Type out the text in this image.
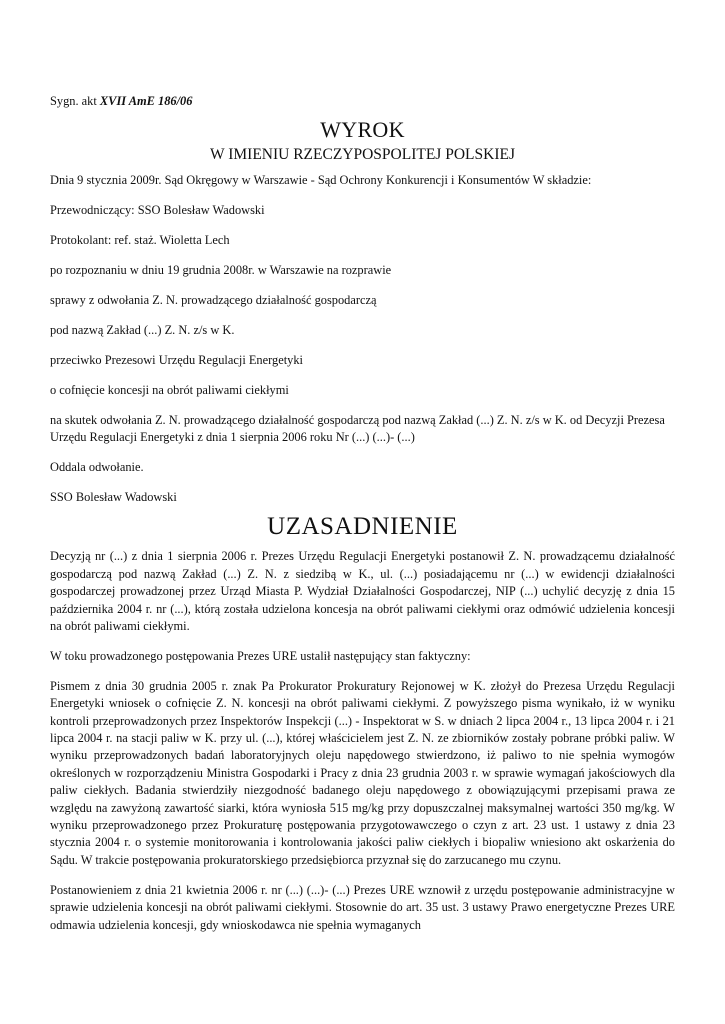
Sygn. akt XVII AmE 186/06

WYROK
W IMIENIU RZECZYPOSPOLITEJ POLSKIEJ

Dnia 9 stycznia 2009r. Sąd Okręgowy w Warszawie - Sąd Ochrony Konkurencji i Konsumentów W składzie:

Przewodniczący: SSO Bolesław Wadowski

Protokolant: ref. staż. Wioletta Lech

po rozpoznaniu w dniu 19 grudnia 2008r. w Warszawie na rozprawie

sprawy z odwołania Z. N. prowadzącego działalność gospodarczą

pod nazwą Zakład (...) Z. N. z/s w K.

przeciwko Prezesowi Urzędu Regulacji Energetyki

o cofnięcie koncesji na obrót paliwami ciekłymi

na skutek odwołania Z. N. prowadzącego działalność gospodarczą pod nazwą Zakład (...) Z. N. z/s w K. od Decyzji Prezesa Urzędu Regulacji Energetyki z dnia 1 sierpnia 2006 roku Nr (...) (...)- (...)

Oddala odwołanie.

SSO Bolesław Wadowski

UZASADNIENIE

Decyzją nr (...) z dnia 1 sierpnia 2006 r. Prezes Urzędu Regulacji Energetyki postanowił Z. N. prowadzącemu działalność gospodarczą pod nazwą Zakład (...) Z. N. z siedzibą w K., ul. (...) posiadającemu nr (...) w ewidencji działalności gospodarczej prowadzonej przez Urząd Miasta P. Wydział Działalności Gospodarczej, NIP (...) uchylić decyzję z dnia 15 października 2004 r. nr (...), którą została udzielona koncesja na obrót paliwami ciekłymi oraz odmówić udzielenia koncesji na obrót paliwami ciekłymi.

W toku prowadzonego postępowania Prezes URE ustalił następujący stan faktyczny:

Pismem z dnia 30 grudnia 2005 r. znak Pa Prokurator Prokuratury Rejonowej w K. złożył do Prezesa Urzędu Regulacji Energetyki wniosek o cofnięcie Z. N. koncesji na obrót paliwami ciekłymi. Z powyższego pisma wynikało, iż w wyniku kontroli przeprowadzonych przez Inspektorów Inspekcji (...) - Inspektorat w S. w dniach 2 lipca 2004 r., 13 lipca 2004 r. i 21 lipca 2004 r. na stacji paliw w K. przy ul. (...), której właścicielem jest Z. N. ze zbiorników zostały pobrane próbki paliw. W wyniku przeprowadzonych badań laboratoryjnych oleju napędowego stwierdzono, iż paliwo to nie spełnia wymogów określonych w rozporządzeniu Ministra Gospodarki i Pracy z dnia 23 grudnia 2003 r. w sprawie wymagań jakościowych dla paliw ciekłych. Badania stwierdziły niezgodność badanego oleju napędowego z obowiązującymi przepisami prawa ze względu na zawyżoną zawartość siarki, która wyniosła 515 mg/kg przy dopuszczalnej maksymalnej wartości 350 mg/kg. W wyniku przeprowadzonego przez Prokuraturę postępowania przygotowawczego o czyn z art. 23 ust. 1 ustawy z dnia 23 stycznia 2004 r. o systemie monitorowania i kontrolowania jakości paliw ciekłych i biopaliw wniesiono akt oskarżenia do Sądu. W trakcie postępowania prokuratorskiego przedsiębiorca przyznał się do zarzucanego mu czynu.

Postanowieniem z dnia 21 kwietnia 2006 r. nr (...) (...)- (...) Prezes URE wznowił z urzędu postępowanie administracyjne w sprawie udzielenia koncesji na obrót paliwami ciekłymi. Stosownie do art. 35 ust. 3 ustawy Prawo energetyczne Prezes URE odmawia udzielenia koncesji, gdy wnioskodawca nie spełnia wymaganych
